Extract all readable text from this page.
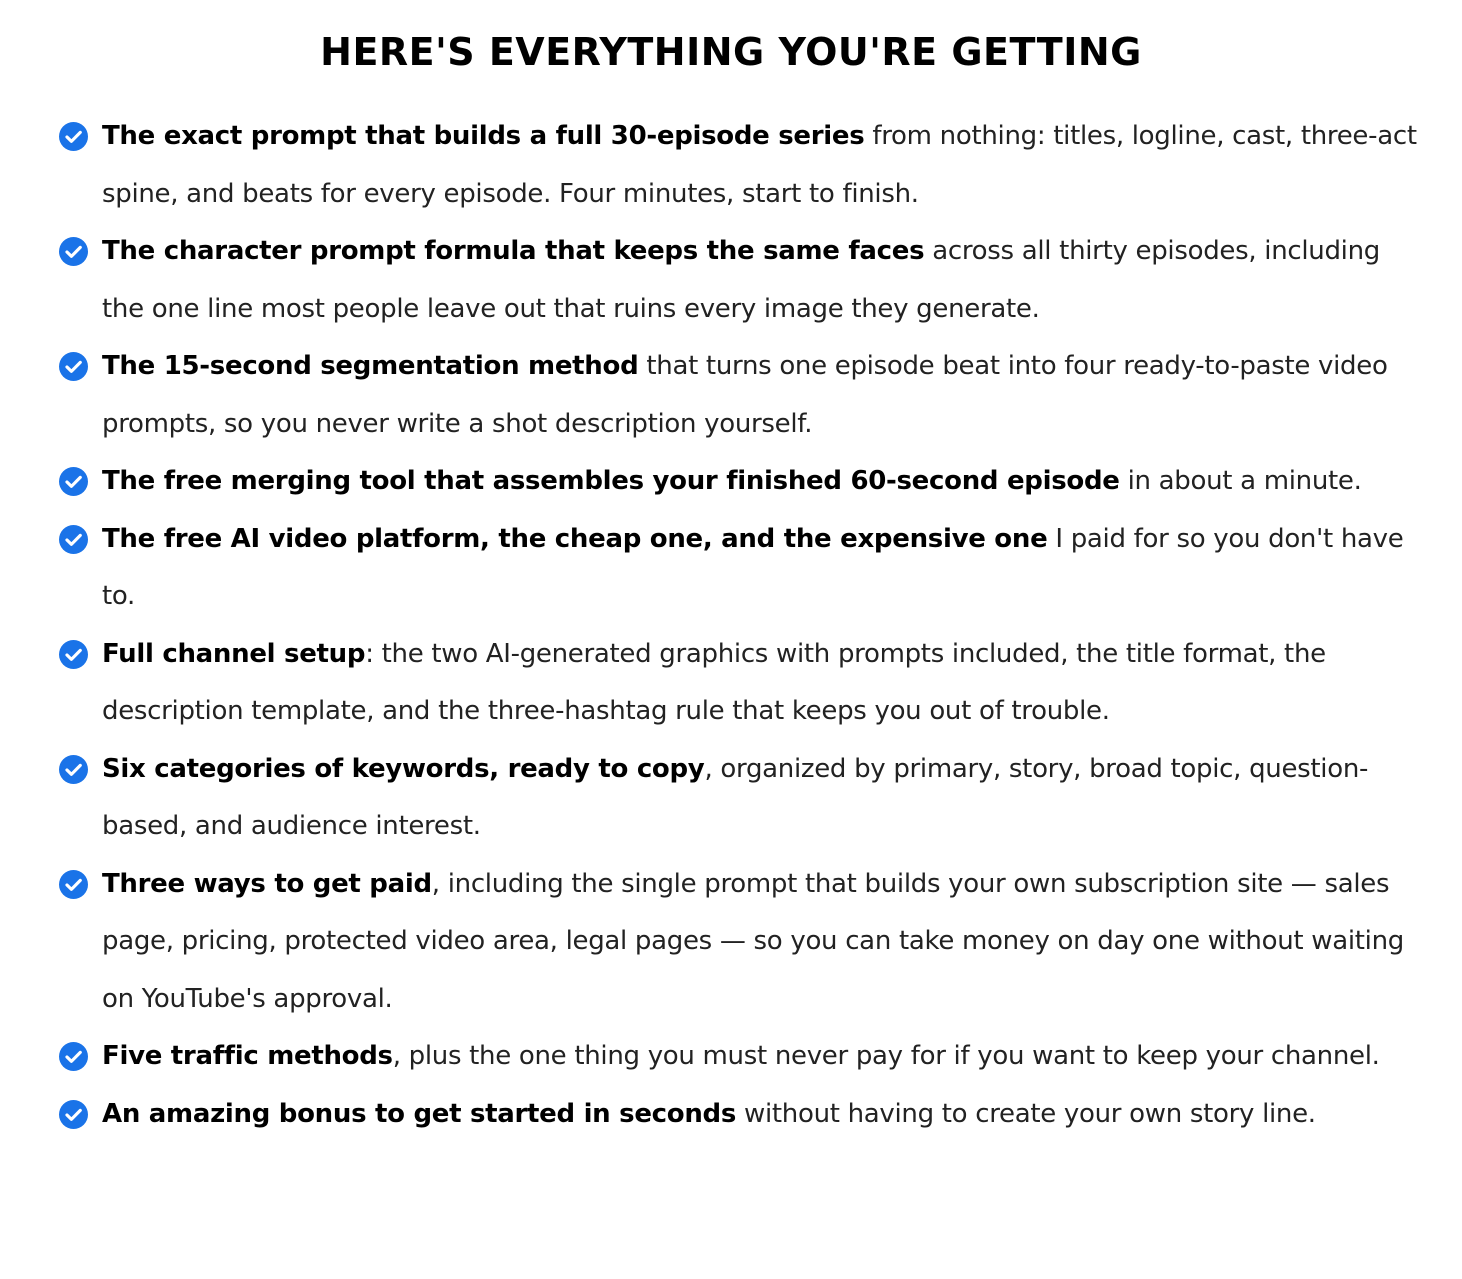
HERE'S EVERYTHING YOU'RE GETTING
The exact prompt that builds a full 30-episode series from nothing: titles, logline, cast, three-act spine, and beats for every episode. Four minutes, start to finish.
The character prompt formula that keeps the same faces across all thirty episodes, including the one line most people leave out that ruins every image they generate.
The 15-second segmentation method that turns one episode beat into four ready-to-paste video prompts, so you never write a shot description yourself.
The free merging tool that assembles your finished 60-second episode in about a minute.
The free AI video platform, the cheap one, and the expensive one I paid for so you don't have to.
Full channel setup: the two AI-generated graphics with prompts included, the title format, the description template, and the three-hashtag rule that keeps you out of trouble.
Six categories of keywords, ready to copy, organized by primary, story, broad topic, question-based, and audience interest.
Three ways to get paid, including the single prompt that builds your own subscription site — sales page, pricing, protected video area, legal pages — so you can take money on day one without waiting on YouTube's approval.
Five traffic methods, plus the one thing you must never pay for if you want to keep your channel.
An amazing bonus to get started in seconds without having to create your own story line.
